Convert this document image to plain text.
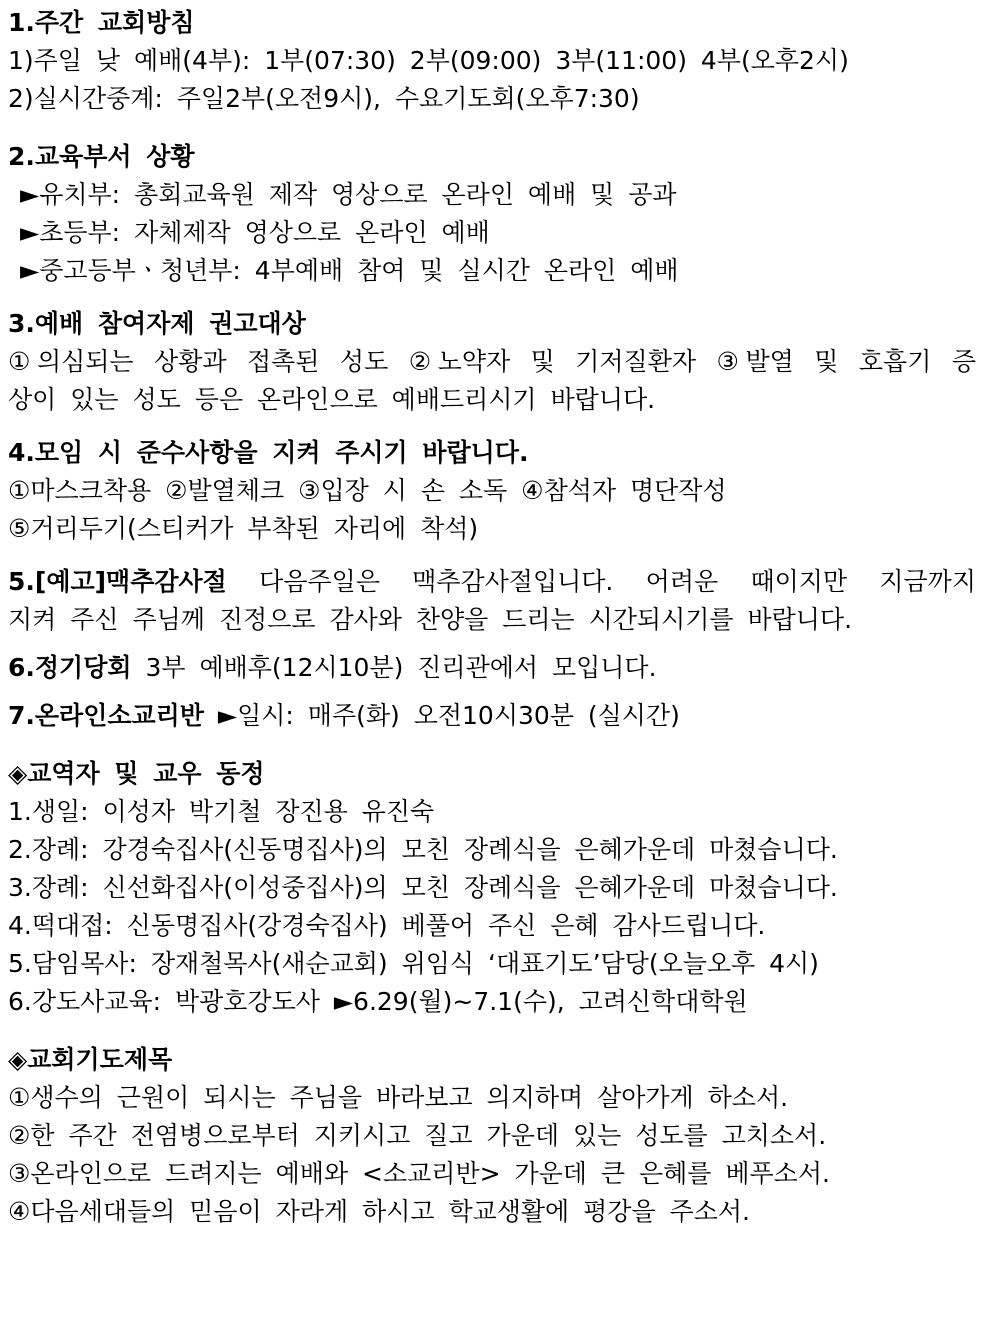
1.주간 교회방침
1)주일 낮 예배(4부): 1부(07:30) 2부(09:00) 3부(11:00) 4부(오후2시)
2)실시간중계: 주일2부(오전9시), 수요기도회(오후7:30)
2.교육부서 상황
►유치부: 총회교육원 제작 영상으로 온라인 예배 및 공과
►초등부: 자체제작 영상으로 온라인 예배
►중고등부ㆍ청년부: 4부예배 참여 및 실시간 온라인 예배
3.예배 참여자제 권고대상
①의심되는 상황과 접촉된 성도 ②노약자 및 기저질환자 ③발열 및 호흡기 증
상이 있는 성도 등은 온라인으로 예배드리시기 바랍니다.
4.모임 시 준수사항을 지켜 주시기 바랍니다.
①마스크착용 ②발열체크 ③입장 시 손 소독 ④참석자 명단작성
⑤거리두기(스티커가 부착된 자리에 착석)
5.[예고]맥추감사절 다음주일은 맥추감사절입니다. 어려운 때이지만 지금까지
지켜 주신 주님께 진정으로 감사와 찬양을 드리는 시간되시기를 바랍니다.
6.정기당회 3부 예배후(12시10분) 진리관에서 모입니다.
7.온라인소교리반 ►일시: 매주(화) 오전10시30분 (실시간)
◈교역자 및 교우 동정
1.생일: 이성자 박기철 장진용 유진숙
2.장례: 강경숙집사(신동명집사)의 모친 장례식을 은혜가운데 마쳤습니다.
3.장례: 신선화집사(이성중집사)의 모친 장례식을 은혜가운데 마쳤습니다.
4.떡대접: 신동명집사(강경숙집사) 베풀어 주신 은혜 감사드립니다.
5.담임목사: 장재철목사(새순교회) 위임식 ‘대표기도’담당(오늘오후 4시)
6.강도사교육: 박광호강도사 ►6.29(월)~7.1(수), 고려신학대학원
◈교회기도제목
①생수의 근원이 되시는 주님을 바라보고 의지하며 살아가게 하소서.
②한 주간 전염병으로부터 지키시고 질고 가운데 있는 성도를 고치소서.
③온라인으로 드려지는 예배와 <소교리반> 가운데 큰 은혜를 베푸소서.
④다음세대들의 믿음이 자라게 하시고 학교생활에 평강을 주소서.
